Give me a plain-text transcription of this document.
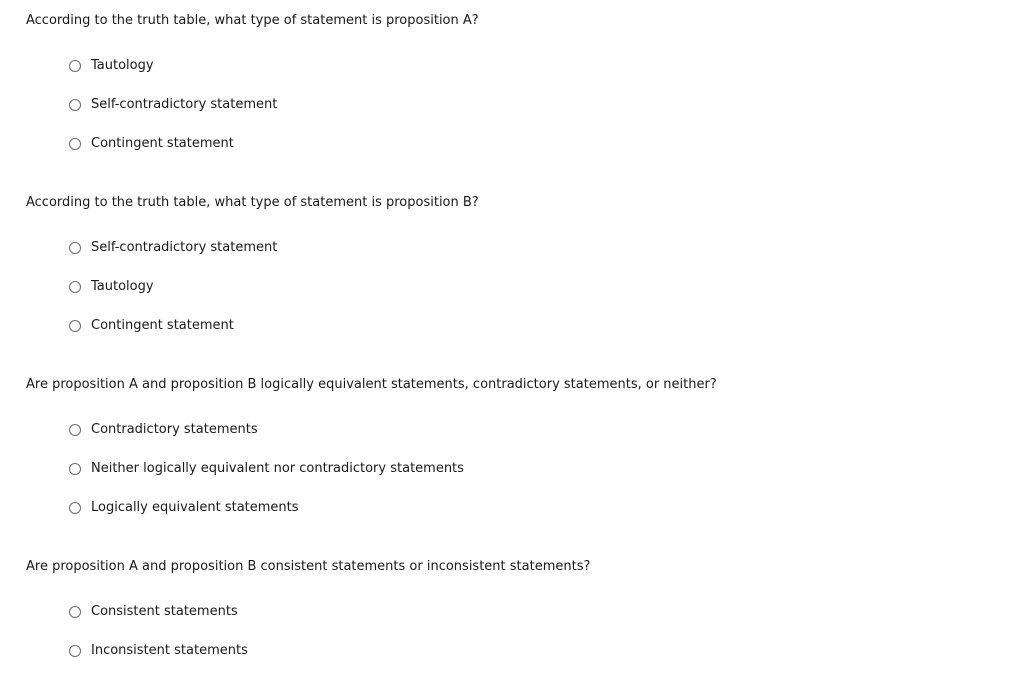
According to the truth table, what type of statement is proposition A?
Tautology
Self-contradictory statement
Contingent statement
According to the truth table, what type of statement is proposition B?
Self-contradictory statement
Tautology
Contingent statement
Are proposition A and proposition B logically equivalent statements, contradictory statements, or neither?
Contradictory statements
Neither logically equivalent nor contradictory statements
Logically equivalent statements
Are proposition A and proposition B consistent statements or inconsistent statements?
Consistent statements
Inconsistent statements
